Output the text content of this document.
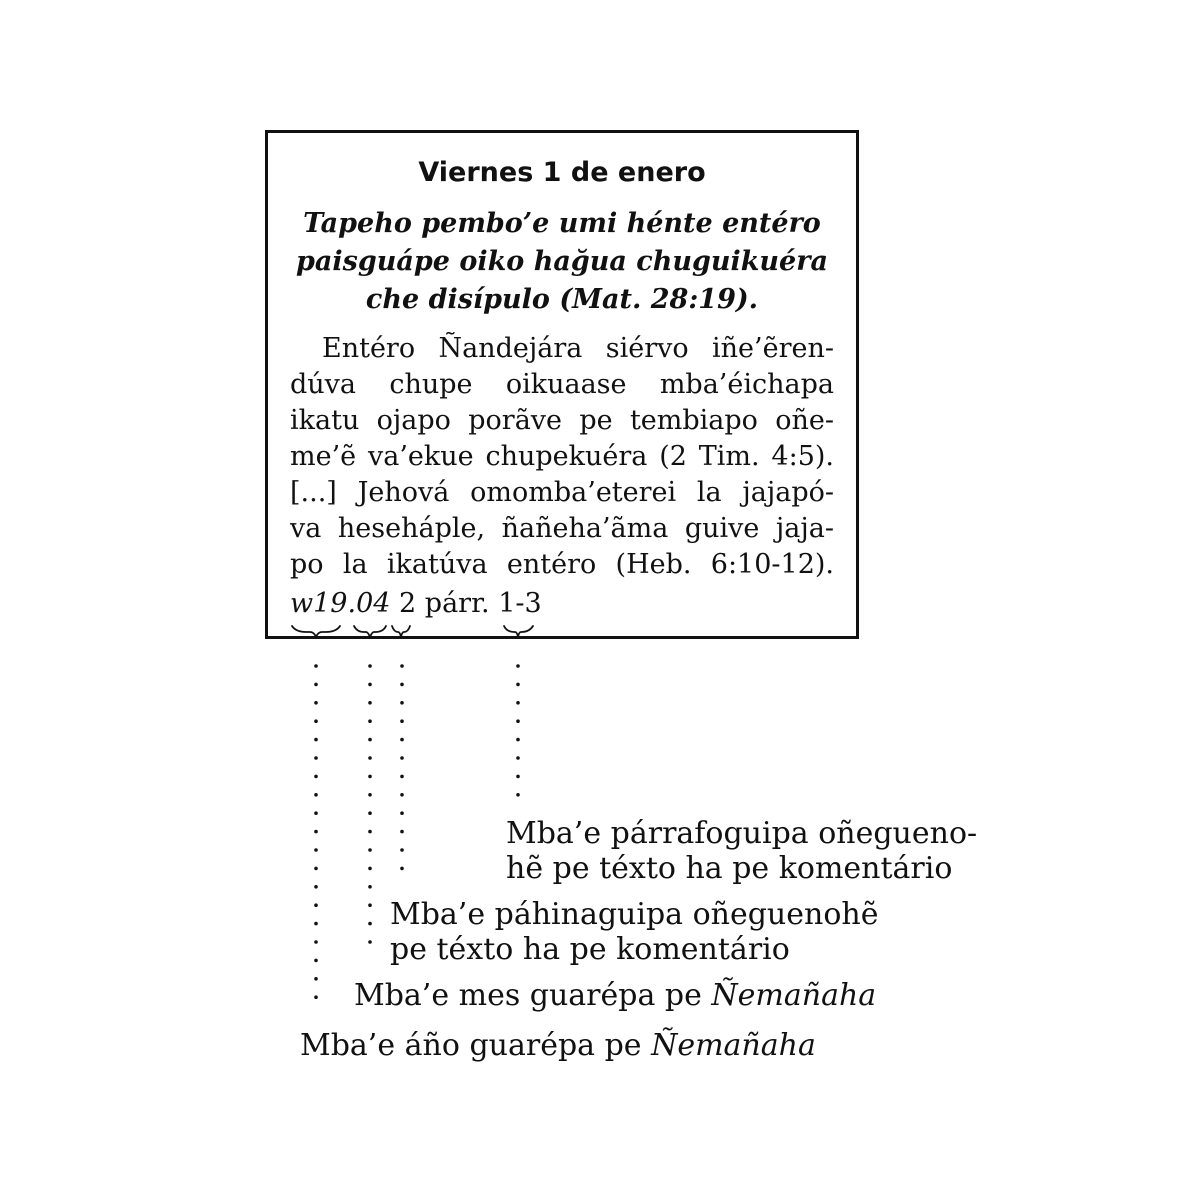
Viernes 1 de enero
Tapeho pembo’e umi hénte entéro
paisguápe oiko hağua chuguikuéra
che disípulo (Mat. 28:19).
Entéro Ñandejára siérvo iñe’ẽren-
dúva chupe oikuaase mba’éichapa
ikatu ojapo porãve pe tembiapo oñe-
me’ẽ va’ekue chupekuéra (2 Tim. 4:5).
[...] Jehová omomba’eterei la jajapó-
va heseháple, ñañeha’ãma guive jaja-
po la ikatúva entéro (Heb. 6:10-12).
w19.04 2 párr. 1-3
Mba’e párrafoguipa oñegueno-
hẽ pe téxto ha pe komentário
Mba’e páhinaguipa oñeguenohẽ
pe téxto ha pe komentário
Mba’e mes guarépa pe Ñemañaha
Mba’e áño guarépa pe Ñemañaha
